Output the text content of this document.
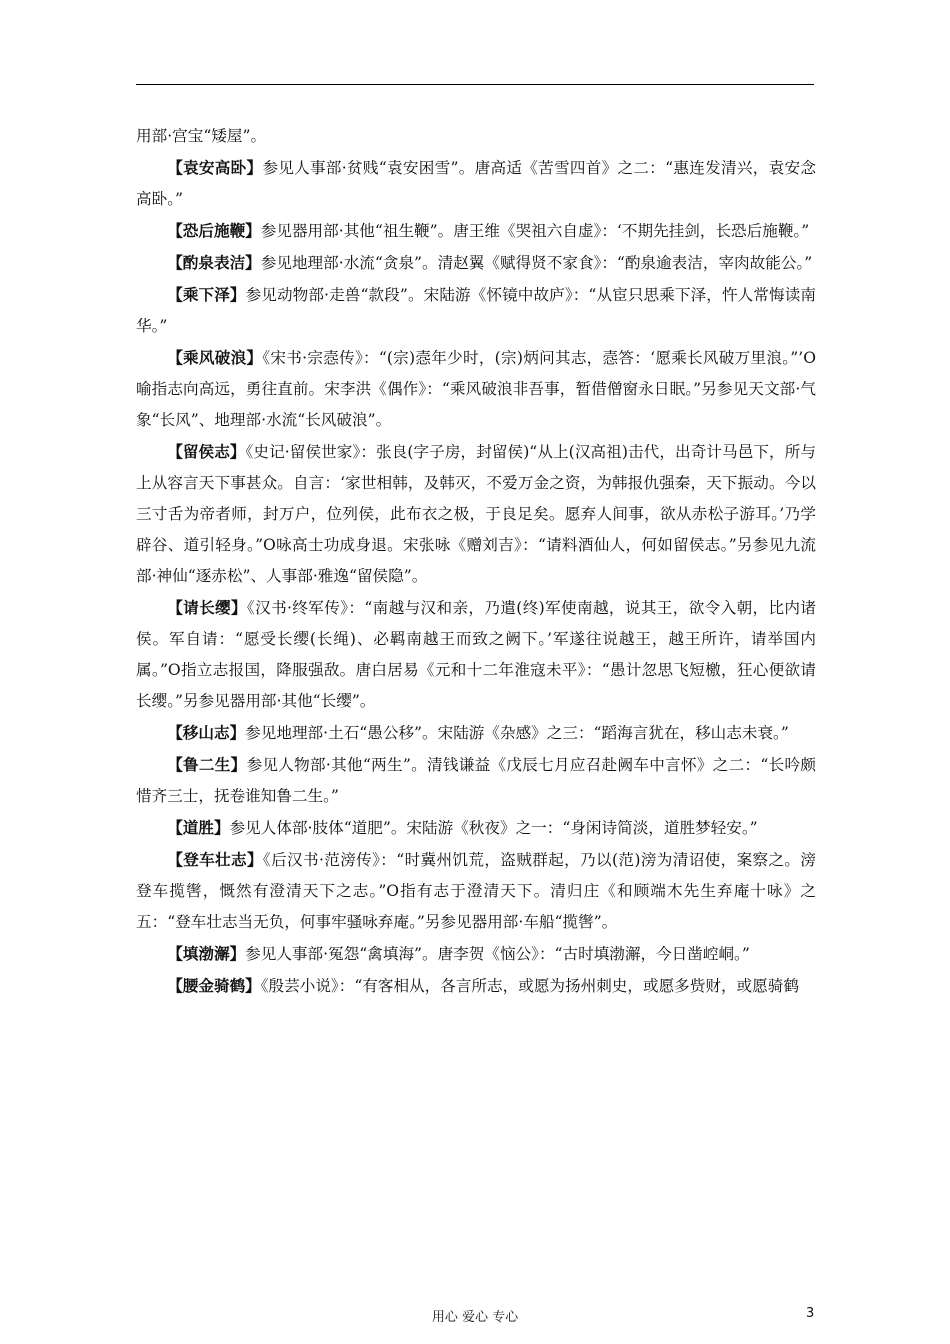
用部·宫宝“矮屋”。

【袁安高卧】参见人事部·贫贱“袁安困雪”。唐高适《苦雪四首》之二：“惠连发清兴，袁安念高卧。”

【恐后施鞭】参见器用部·其他“祖生鞭”。唐王维《哭祖六自虚》：‘不期先挂剑，长恐后施鞭。”

【酌泉表洁】参见地理部·水流“贪泉”。清赵翼《赋得贤不家食》：“酌泉逾表洁，宰肉故能公。”

【乘下泽】参见动物部·走兽“款段”。宋陆游《怀镜中故庐》：“从宦只思乘下泽，忤人常悔读南华。”

【乘风破浪】《宋书·宗悫传》：“(宗)悫年少时，(宗)炳问其志，悫答：‘愿乘长风破万里浪。”’O喻指志向高远，勇往直前。宋李洪《偶作》：“乘风破浪非吾事，暂借僧窗永日眠。”另参见天文部·气象“长风”、地理部·水流“长风破浪”。

【留侯志】《史记·留侯世家》：张良(字子房，封留侯)“从上(汉高祖)击代，出奇计马邑下，所与上从容言天下事甚众。自言：‘家世相韩，及韩灭，不爱万金之资，为韩报仇强秦，天下振动。今以三寸舌为帝者师，封万户，位列侯，此布衣之极，于良足矣。愿弃人间事，欲从赤松子游耳。’乃学辟谷、道引轻身。”O咏高士功成身退。宋张咏《赠刘吉》：“请料酒仙人，何如留侯志。”另参见九流部·神仙“逐赤松”、人事部·雅逸“留侯隐”。

【请长缨】《汉书·终军传》：“南越与汉和亲，乃遣(终)军使南越，说其王，欲令入朝，比内诸侯。军自请：“愿受长缨(长绳)、必羁南越王而致之阙下。’军遂往说越王，越王所许，请举国内属。”O指立志报国，降服强敌。唐白居易《元和十二年淮寇未平》：“愚计忽思飞短檄，狂心便欲请长缨。”另参见器用部·其他“长缨”。

【移山志】参见地理部·土石“愚公移”。宋陆游《杂感》之三：“蹈海言犹在，移山志未衰。”

【鲁二生】参见人物部·其他“两生”。清钱谦益《戊辰七月应召赴阙车中言怀》之二：“长吟颇惜齐三士，抚卷谁知鲁二生。”

【道胜】参见人体部·肢体“道肥”。宋陆游《秋夜》之一：“身闲诗简淡，道胜梦轻安。”

【登车壮志】《后汉书·范滂传》：“时冀州饥荒，盗贼群起，乃以(范)滂为清诏使，案察之。滂登车揽辔，慨然有澄清天下之志。”O指有志于澄清天下。清归庄《和顾端木先生弃庵十咏》之五：“登车壮志当无负，何事牢骚咏弃庵。”另参见器用部·车船“揽辔”。

【填渤澥】参见人事部·冤怨“禽填海”。唐李贺《恼公》：“古时填渤澥，今日凿崆峒。”

【腰金骑鹤】《殷芸小说》：“有客相从，各言所志，或愿为扬州刺史，或愿多赀财，或愿骑鹤

用心 爱心 专心	3
